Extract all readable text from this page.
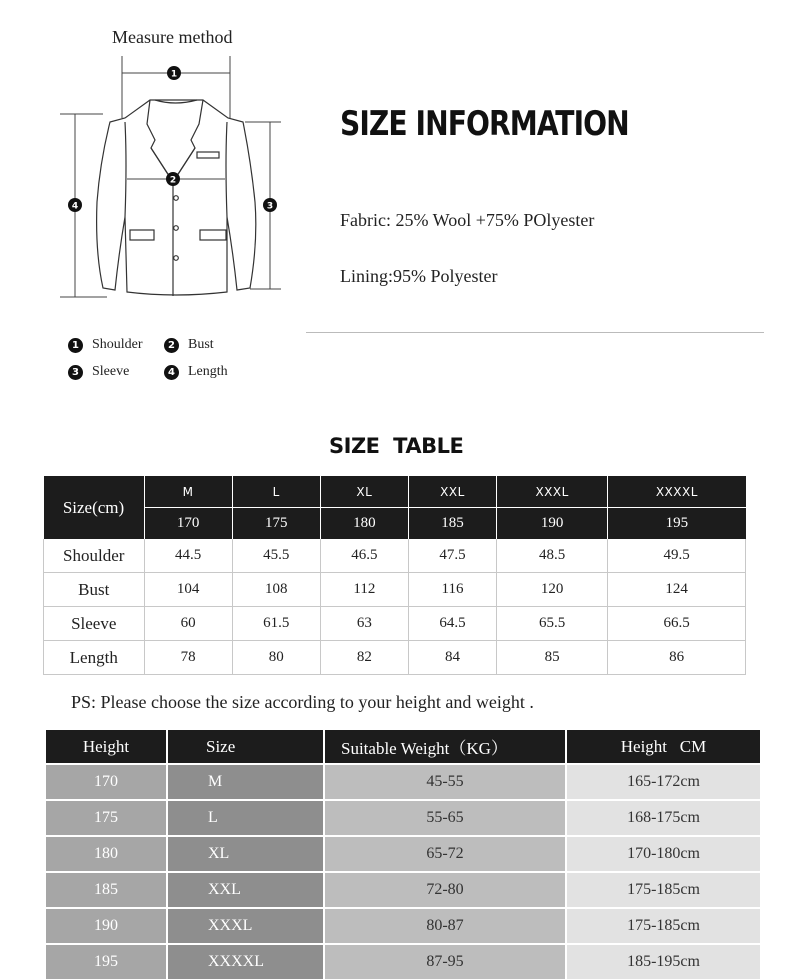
Measure method
1
2
3
4
1 Shoulder	2 Bust
3 Sleeve	4 Length
SIZE INFORMATION
Fabric: 25% Wool +75% POlyester
Lining:95% Polyester
SIZE  TABLE
Size(cm)	M	L	XL	XXL	XXXL	XXXXL
	170	175	180	185	190	195
Shoulder	44.5	45.5	46.5	47.5	48.5	49.5
Bust	104	108	112	116	120	124
Sleeve	60	61.5	63	64.5	65.5	66.5
Length	78	80	82	84	85	86
PS: Please choose the size according to your height and weight .
Height	Size	Suitable Weight（KG）	Height   CM
170	M	45-55	165-172cm
175	L	55-65	168-175cm
180	XL	65-72	170-180cm
185	XXL	72-80	175-185cm
190	XXXL	80-87	175-185cm
195	XXXXL	87-95	185-195cm
